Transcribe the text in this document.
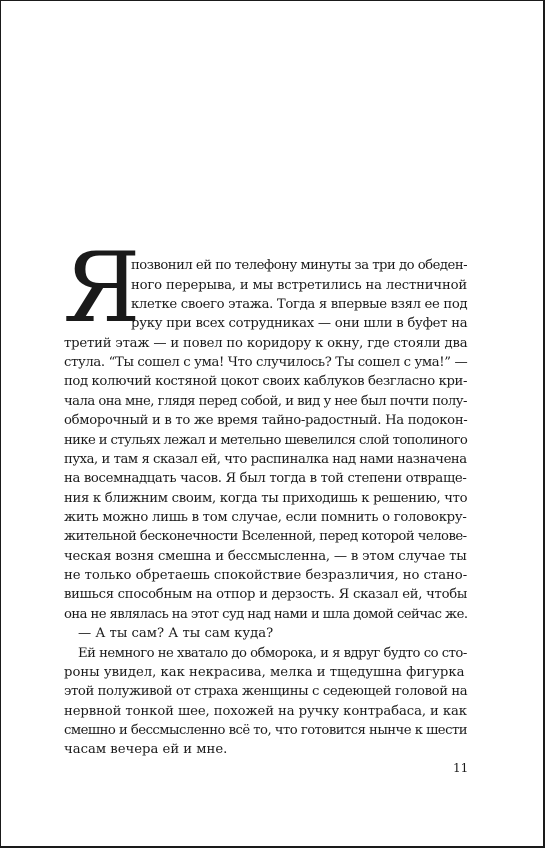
Я
позвонил ей по телефону минуты за три до обеден-
ного перерыва, и мы встретились на лестничной
клетке своего этажа. Тогда я впервые взял ее под
руку при всех сотрудниках — они шли в буфет на
третий этаж — и повел по коридору к окну, где стояли два
стула. “Ты сошел с ума! Что случилось? Ты сошел с ума!” —
под колючий костяной цокот своих каблуков безгласно кри-
чала она мне, глядя перед собой, и вид у нее был почти полу-
обморочный и в то же время тайно-радостный. На подокон-
нике и стульях лежал и метельно шевелился слой тополиного
пуха, и там я сказал ей, что распиналка над нами назначена
на восемнадцать часов. Я был тогда в той степени отвраще-
ния к ближним своим, когда ты приходишь к решению, что
жить можно лишь в том случае, если помнить о головокру-
жительной бесконечности Вселенной, перед которой челове-
ческая возня смешна и бессмысленна, — в этом случае ты
не только обретаешь спокойствие безразличия, но стано-
вишься способным на отпор и дерзость. Я сказал ей, чтобы
она не являлась на этот суд над нами и шла домой сейчас же.
— А ты сам? А ты сам куда?
Ей немного не хватало до обморока, и я вдруг будто со сто-
роны увидел, как некрасива, мелка и тщедушна фигурка
этой полуживой от страха женщины с седеющей головой на
нервной тонкой шее, похожей на ручку контрабаса, и как
смешно и бессмысленно всё то, что готовится нынче к шести
часам вечера ей и мне.
11
